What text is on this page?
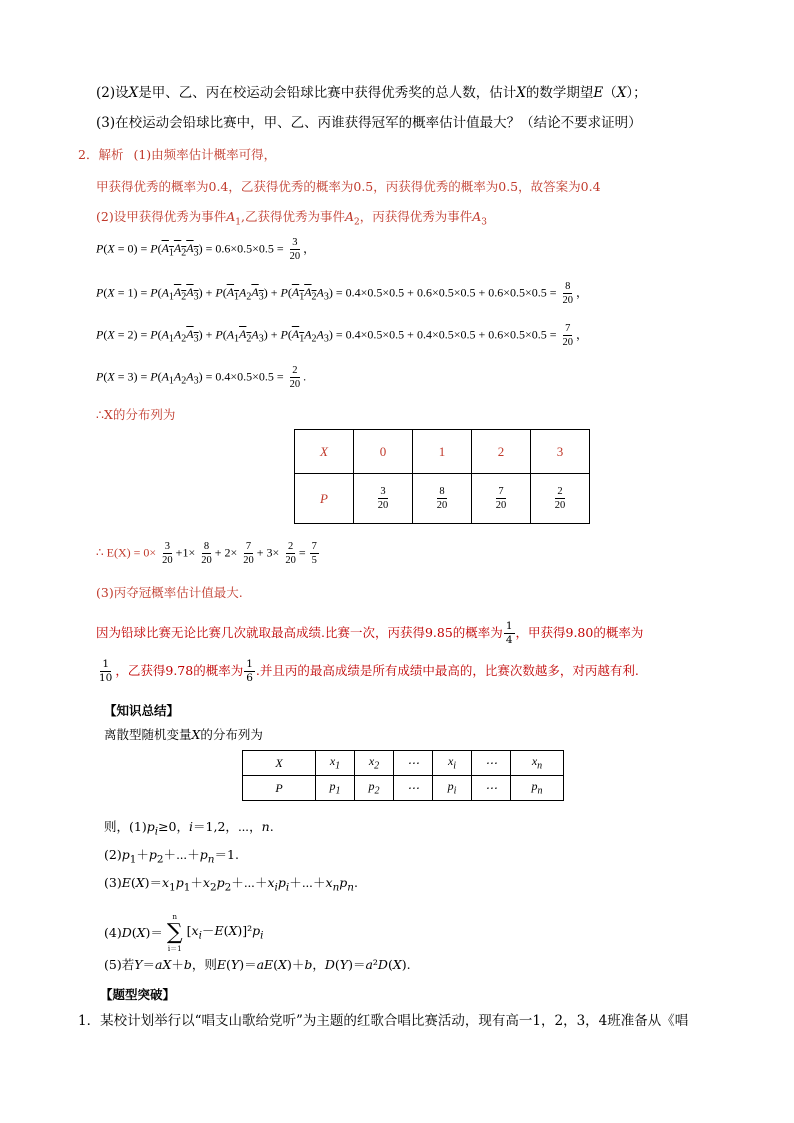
(2)设X是甲、乙、丙在校运动会铅球比赛中获得优秀奖的总人数，估计X的数学期望E（X）；
(3)在校运动会铅球比赛中，甲、乙、丙谁获得冠军的概率估计值最大？（结论不要求证明）
2．解析 (1)由频率估计概率可得，
甲获得优秀的概率为0.4，乙获得优秀的概率为0.5，丙获得优秀的概率为0.5，故答案为0.4
(2)设甲获得优秀为事件$A_1$,乙获得优秀为事件$A_2$，丙获得优秀为事件$A_3$
$P(X = 0) = P(A_1A_2A_3) = 0.6\times 0.5\times 0.5 = \frac{3}{20}$ ，
$P(X = 1) = P(A_1A_2A_3) + P(A_1A_2A_3) + P(A_1A_2A_3) = 0.4\times 0.5\times 0.5 + 0.6\times 0.5\times 0.5 + 0.6\times 0.5\times 0.5 = \frac{8}{20}$ ，
$P(X = 2) = P(A_1A_2A_3) + P(A_1A_2A_3) + P(A_1A_2A_3) = 0.4\times 0.5\times 0.5 + 0.4\times 0.5\times 0.5 + 0.6\times 0.5\times 0.5 = \frac{7}{20}$ ，
$P(X = 3) = P(A_1A_2A_3) = 0.4\times 0.5\times 0.5 = \frac{2}{20}$ .
∴X的分布列为
X	0	1	2	3
P	$\frac{3}{20}$	$\frac{8}{20}$	$\frac{7}{20}$	$\frac{2}{20}$
∴ $E(X) = 0\times \frac{3}{20} +1\times \frac{8}{20} + 2\times \frac{7}{20} + 3\times \frac{2}{20} = \frac{7}{5}$
(3)丙夺冠概率估计值最大.
因为铅球比赛无论比赛几次就取最高成绩.比赛一次，丙获得9.85的概率为 $\frac{1}{4}$ ，甲获得9.80的概率为
$\frac{1}{10}$ ，乙获得9.78的概率为 $\frac{1}{6}$ .并且丙的最高成绩是所有成绩中最高的，比赛次数越多，对丙越有利.
【知识总结】
离散型随机变量X的分布列为
X	$x_1$	$x_2$	⋯	$x_i$	⋯	$x_n$
P	$p_1$	$p_2$	⋯	$p_i$	⋯	$p_n$
则，$(1)p_i\ge 0$，i＝1,2，⋯，n.
$(2)p_1+p_2+\cdots+p_n=1$.
$(3)E(X)=x_1p_1+x_2p_2+\cdots+x_ip_i+\cdots+x_np_n$.
(4)D(X)＝
n
∑
i＝1
$[x_i-E(X)]^2p_i$
(5)若Y＝aX＋b，则E(Y)＝aE(X)＋b，D(Y)＝a²D(X).
【题型突破】
1．某校计划举行以“唱支山歌给党听”为主题的红歌合唱比赛活动，现有高一1，2，3，4班准备从《唱
